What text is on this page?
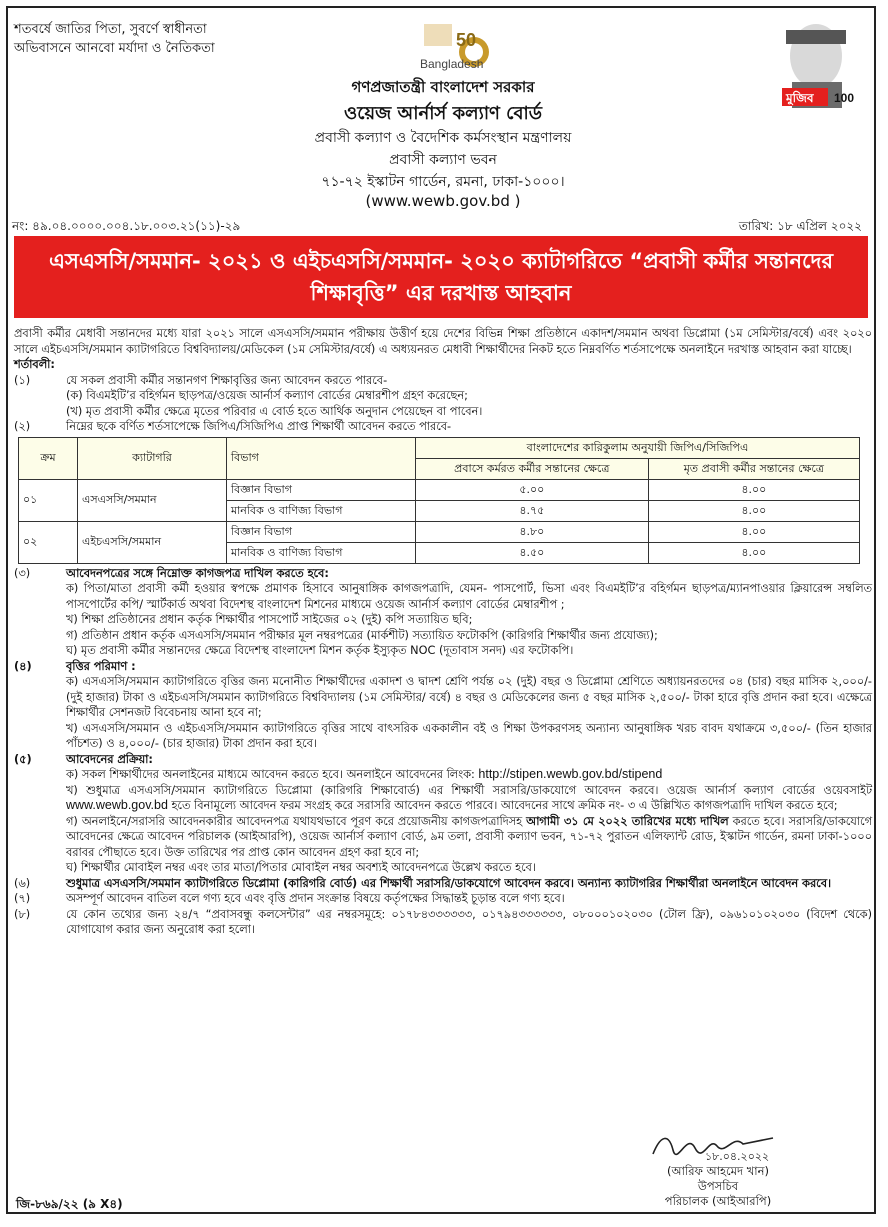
শতবর্ষে জাতির পিতা, সুবর্ণে স্বাধীনতা
অভিবাসনে আনবো মর্যাদা ও নৈতিকতা
Bangladesh
50
মুজিব 100
গণপ্রজাতন্ত্রী বাংলাদেশ সরকার
ওয়েজ আর্নার্স কল্যাণ বোর্ড
প্রবাসী কল্যাণ ও বৈদেশিক কর্মসংস্থান মন্ত্রণালয়
প্রবাসী কল্যাণ ভবন
৭১-৭২ ইস্কাটন গার্ডেন, রমনা, ঢাকা-১০০০।
(www.wewb.gov.bd )
নং: ৪৯.০৪.০০০০.০০৪.১৮.০০৩.২১(১১)-২৯	তারিখ: ১৮ এপ্রিল ২০২২
এসএসসি/সমমান- ২০২১ ও এইচএসসি/সমমান- ২০২০ ক্যাটাগরিতে “প্রবাসী কর্মীর সন্তানদের শিক্ষাবৃত্তি” এর দরখাস্ত আহবান
প্রবাসী কর্মীর মেধাবী সন্তানদের মধ্যে যারা ২০২১ সালে এসএসসি/সমমান পরীক্ষায় উত্তীর্ণ হয়ে দেশের বিভিন্ন শিক্ষা প্রতিষ্ঠানে একাদশ/সমমান অথবা ডিপ্লোমা (১ম সেমিস্টার/বর্ষে) এবং ২০২০ সালে এইচএসসি/সমমান ক্যাটাগরিতে বিশ্ববিদ্যালয়/মেডিকেল (১ম সেমিস্টার/বর্ষে) এ অধ্যয়নরত মেধাবী শিক্ষার্থীদের নিকট হতে নিম্নবর্ণিত শর্তসাপেক্ষে অনলাইনে দরখাস্ত আহবান করা যাচ্ছে।
শর্তাবলী:
(১)	যে সকল প্রবাসী কর্মীর সন্তানগণ শিক্ষাবৃত্তির জন্য আবেদন করতে পারবে-
(ক) বিএমইটি’র বহির্গমন ছাড়পত্র/ওয়েজ আর্নার্স কল্যাণ বোর্ডের মেম্বারশীপ গ্রহণ করেছেন;
(খ) মৃত প্রবাসী কর্মীর ক্ষেত্রে মৃতের পরিবার এ বোর্ড হতে আর্থিক অনুদান পেয়েছেন বা পাবেন।
(২)	নিম্নের ছকে বর্ণিত শর্তসাপেক্ষে জিপিএ/সিজিপিএ প্রাপ্ত শিক্ষার্থী আবেদন করতে পারবে-
ক্রম	ক্যাটাগরি	বিভাগ	বাংলাদেশের কারিকুলাম অনুযায়ী জিপিএ/সিজিপিএ	
			প্রবাসে কর্মরত কর্মীর সন্তানের ক্ষেত্রে	মৃত প্রবাসী কর্মীর সন্তানের ক্ষেত্রে
০১	এসএসসি/সমমান	বিজ্ঞান বিভাগ	৫.০০	৪.০০
		মানবিক ও বাণিজ্য বিভাগ	৪.৭৫	৪.০০
০২	এইচএসসি/সমমান	বিজ্ঞান বিভাগ	৪.৮০	৪.০০
		মানবিক ও বাণিজ্য বিভাগ	৪.৫০	৪.০০
(৩)	আবেদনপত্রের সঙ্গে নিম্নোক্ত কাগজপত্র দাখিল করতে হবে:
ক) পিতা/মাতা প্রবাসী কর্মী হওয়ার স্বপক্ষে প্রমাণক হিসাবে আনুষাঙ্গিক কাগজপত্রাদি, যেমন- পাসপোর্ট, ভিসা এবং বিএমইটি’র বহির্গমন ছাড়পত্র/ম্যানপাওয়ার ক্লিয়ারেন্স সম্বলিত পাসপোর্টের কপি/ স্মার্টকার্ড অথবা বিদেশস্থ বাংলাদেশ মিশনের মাধ্যমে ওয়েজ আর্নার্স কল্যাণ বোর্ডের মেম্বারশীপ ;
খ) শিক্ষা প্রতিষ্ঠানের প্রধান কর্তৃক শিক্ষার্থীর পাসপোর্ট সাইজের ০২ (দুই) কপি সত্যায়িত ছবি;
গ) প্রতিষ্ঠান প্রধান কর্তৃক এসএসসি/সমমান পরীক্ষার মূল নম্বরপত্রের (মার্কশীট) সত্যায়িত ফটোকপি (কারিগরি শিক্ষার্থীর জন্য প্রযোজ্য);
ঘ) মৃত প্রবাসী কর্মীর সন্তানদের ক্ষেত্রে বিদেশস্থ বাংলাদেশ মিশন কর্তৃক ইস্যুকৃত NOC (দূতাবাস সনদ) এর ফটোকপি।
(৪)	বৃত্তির পরিমাণ :
ক) এসএসসি/সমমান ক্যাটাগরিতে বৃত্তির জন্য মনোনীত শিক্ষার্থীদের একাদশ ও দ্বাদশ শ্রেণি পর্যন্ত ০২ (দুই) বছর ও ডিপ্লোমা শ্রেণিতে অধ্যায়নরতদের ০৪ (চার) বছর মাসিক ২,০০০/-(দুই হাজার) টাকা ও এইচএসসি/সমমান ক্যাটাগরিতে বিশ্ববিদ্যালয় (১ম সেমিস্টার/ বর্ষে) ৪ বছর ও মেডিকেলের জন্য ৫ বছর মাসিক ২,৫০০/- টাকা হারে বৃত্তি প্রদান করা হবে। এক্ষেত্রে শিক্ষার্থীর সেশনজট বিবেচনায় আনা হবে না;
খ) এসএসসি/সমমান ও এইচএসসি/সমমান ক্যাটাগরিতে বৃত্তির সাথে বাৎসরিক এককালীন বই ও শিক্ষা উপকরণসহ অন্যান্য আনুষাঙ্গিক খরচ বাবদ যথাক্রমে ৩,৫০০/- (তিন হাজার পাঁচশত) ও ৪,০০০/- (চার হাজার) টাকা প্রদান করা হবে।
(৫)	আবেদনের প্রক্রিয়া:
ক) সকল শিক্ষার্থীদের অনলাইনের মাধ্যমে আবেদন করতে হবে। অনলাইনে আবেদনের লিংক: http://stipen.wewb.gov.bd/stipend
খ) শুধুমাত্র এসএসসি/সমমান ক্যাটাগরিতে ডিপ্লোমা (কারিগরি শিক্ষাবোর্ড) এর শিক্ষার্থী সরাসরি/ডাকযোগে আবেদন করবে। ওয়েজ আর্নার্স কল্যাণ বোর্ডের ওয়েবসাইট www.wewb.gov.bd হতে বিনামূল্যে আবেদন ফরম সংগ্রহ করে সরাসরি আবেদন করতে পারবে। আবেদনের সাথে ক্রমিক নং- ৩ এ উল্লিখিত কাগজপত্রাদি দাখিল করতে হবে;
গ) অনলাইনে/সরাসরি আবেদনকারীর আবেদনপত্র যথাযথভাবে পূরণ করে প্রয়োজনীয় কাগজপত্রাদিসহ আগামী ৩১ মে ২০২২ তারিখের মধ্যে দাখিল করতে হবে। সরাসরি/ডাকযোগে আবেদনের ক্ষেত্রে আবেদন পরিচালক (আইআরপি), ওয়েজ আর্নার্স কল্যাণ বোর্ড, ৯ম তলা, প্রবাসী কল্যাণ ভবন, ৭১-৭২ পুরাতন এলিফ্যান্ট রোড, ইস্কাটন গার্ডেন, রমনা ঢাকা-১০০০ বরাবর পৌছাতে হবে। উক্ত তারিখের পর প্রাপ্ত কোন আবেদন গ্রহণ করা হবে না;
ঘ) শিক্ষার্থীর মোবাইল নম্বর এবং তার মাতা/পিতার মোবাইল নম্বর অবশ্যই আবেদনপত্রে উল্লেখ করতে হবে।
(৬)	শুধুমাত্র এসএসসি/সমমান ক্যাটাগরিতে ডিপ্লোমা (কারিগরি বোর্ড) এর শিক্ষার্থী সরাসরি/ডাকযোগে আবেদন করবে। অন্যান্য ক্যাটাগরির শিক্ষার্থীরা অনলাইনে আবেদন করবে।
(৭)	অসম্পূর্ণ আবেদন বাতিল বলে গণ্য হবে এবং বৃত্তি প্রদান সংক্রান্ত বিষয়ে কর্তৃপক্ষের সিদ্ধান্তই চূড়ান্ত বলে গণ্য হবে।
(৮)	যে কোন তথ্যের জন্য ২৪/৭ “প্রবাসবন্ধু কলসেন্টার” এর নম্বরসমূহে: ০১৭৮৪৩৩৩৩৩৩, ০১৭৯৪৩৩৩৩৩৩, ০৮০০০১০২০৩০ (টোল ফ্রি), ০৯৬১০১০২০৩০ (বিদেশ থেকে) যোগাযোগ করার জন্য অনুরোধ করা হলো।
১৮.০৪.২০২২
(আরিফ আহমেদ খান)
উপসচিব
পরিচালক (আইআরপি)
জি-৮৬৯/২২ (৯ X৪)
